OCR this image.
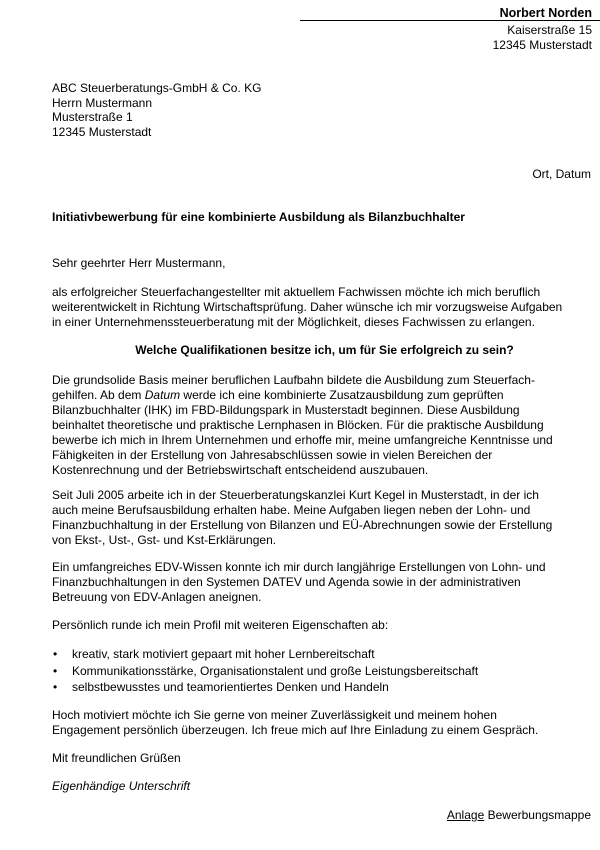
Norbert Norden
Kaiserstraße 15
12345 Musterstadt
ABC Steuerberatungs-GmbH & Co. KG
Herrn Mustermann
Musterstraße 1
12345 Musterstadt
Ort, Datum
Initiativbewerbung für eine kombinierte Ausbildung als Bilanzbuchhalter
Sehr geehrter Herr Mustermann,
als erfolgreicher Steuerfachangestellter mit aktuellem Fachwissen möchte ich mich beruflich
weiterentwickelt in Richtung Wirtschaftsprüfung. Daher wünsche ich mir vorzugsweise Aufgaben
in einer Unternehmenssteuerberatung mit der Möglichkeit, dieses Fachwissen zu erlangen.
Welche Qualifikationen besitze ich, um für Sie erfolgreich zu sein?
Die grundsolide Basis meiner beruflichen Laufbahn bildete die Ausbildung zum Steuerfach-
gehilfen. Ab dem Datum werde ich eine kombinierte Zusatzausbildung zum geprüften
Bilanzbuchhalter (IHK) im FBD-Bildungspark in Musterstadt beginnen. Diese Ausbildung
beinhaltet theoretische und praktische Lernphasen in Blöcken. Für die praktische Ausbildung
bewerbe ich mich in Ihrem Unternehmen und erhoffe mir, meine umfangreiche Kenntnisse und
Fähigkeiten in der Erstellung von Jahresabschlüssen sowie in vielen Bereichen der
Kostenrechnung und der Betriebswirtschaft entscheidend auszubauen.
Seit Juli 2005 arbeite ich in der Steuerberatungskanzlei Kurt Kegel in Musterstadt, in der ich
auch meine Berufsausbildung erhalten habe. Meine Aufgaben liegen neben der Lohn- und
Finanzbuchhaltung in der Erstellung von Bilanzen und EÜ-Abrechnungen sowie der Erstellung
von Ekst-, Ust-, Gst- und Kst-Erklärungen.
Ein umfangreiches EDV-Wissen konnte ich mir durch langjährige Erstellungen von Lohn- und
Finanzbuchhaltungen in den Systemen DATEV und Agenda sowie in der administrativen
Betreuung von EDV-Anlagen aneignen.
Persönlich runde ich mein Profil mit weiteren Eigenschaften ab:
• kreativ, stark motiviert gepaart mit hoher Lernbereitschaft
• Kommunikationsstärke, Organisationstalent und große Leistungsbereitschaft
• selbstbewusstes und teamorientiertes Denken und Handeln
Hoch motiviert möchte ich Sie gerne von meiner Zuverlässigkeit und meinem hohen
Engagement persönlich überzeugen. Ich freue mich auf Ihre Einladung zu einem Gespräch.
Mit freundlichen Grüßen
Eigenhändige Unterschrift
Anlage Bewerbungsmappe
